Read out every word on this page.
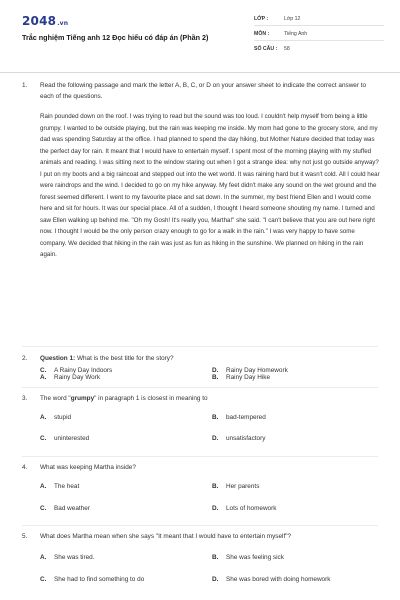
2048.vn
Trắc nghiệm Tiếng anh 12 Đọc hiểu có đáp án (Phần 2)
LỚP :	Lớp 12
MÔN :	Tiếng Anh
SỐ CÂU : 58
1. Read the following passage and mark the letter A, B, C, or D on your answer sheet to indicate the correct answer to each of the questions.
Rain pounded down on the roof. I was trying to read but the sound was too loud. I couldn't help myself from being a little grumpy. I wanted to be outside playing, but the rain was keeping me inside. My mom had gone to the grocery store, and my dad was spending Saturday at the office. I had planned to spend the day hiking, but Mother Nature decided that today was the perfect day for rain. It meant that I would have to entertain myself. I spent most of the morning playing with my stuffed animals and reading. I was sitting next to the window staring out when I got a strange idea: why not just go outside anyway? I put on my boots and a big raincoat and stepped out into the wet world. It was raining hard but it wasn't cold. All I could hear were raindrops and the wind. I decided to go on my hike anyway. My feet didn't make any sound on the wet ground and the forest seemed different. I went to my favourite place and sat down. In the summer, my best friend Ellen and I would come here and sit for hours. It was our special place. All of a sudden, I thought I heard someone shouting my name. I turned and saw Ellen walking up behind me. "Oh my Gosh! It's really you, Martha!" she said. "I can't believe that you are out here right now. I thought I would be the only person crazy enough to go for a walk in the rain." I was very happy to have some company. We decided that hiking in the rain was just as fun as hiking in the sunshine. We planned on hiking in the rain again.
2. Question 1: What is the best title for the story?
A. Rainy Day Work	B. Rainy Day Hike
C. A Rainy Day Indoors	D. Rainy Day Homework
3. The word "grumpy" in paragraph 1 is closest in meaning to
A. stupid	B. bad-tempered
C. uninterested	D. unsatisfactory
4. What was keeping Martha inside?
A. The heat	B. Her parents
C. Bad weather	D. Lots of homework
5. What does Martha mean when she says "It meant that I would have to entertain myself"?
A. She was tired.	B. She was feeling sick
C. She had to find something to do	D. She was bored with doing homework
